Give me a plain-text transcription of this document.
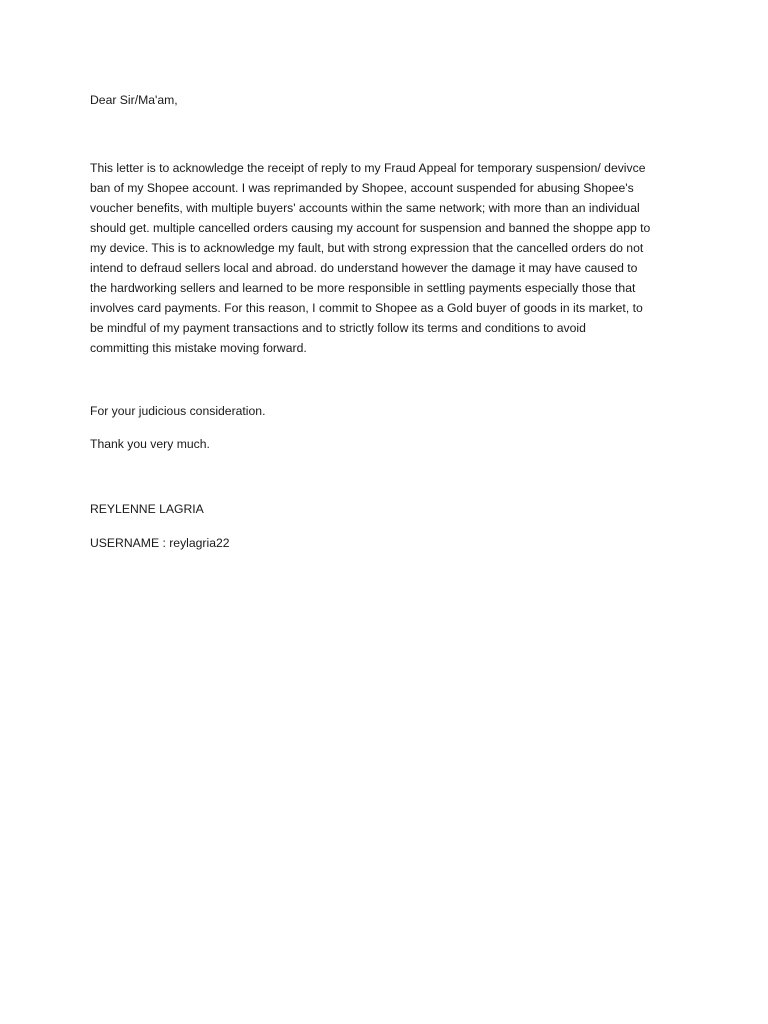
Dear Sir/Ma'am,

This letter is to acknowledge the receipt of reply to my Fraud Appeal for temporary suspension/ devivce
ban of my Shopee account. I was reprimanded by Shopee, account suspended for abusing Shopee's
voucher benefits, with multiple buyers' accounts within the same network; with more than an individual
should get. multiple cancelled orders causing my account for suspension and banned the shoppe app to
my device. This is to acknowledge my fault, but with strong expression that the cancelled orders do not
intend to defraud sellers local and abroad. do understand however the damage it may have caused to
the hardworking sellers and learned to be more responsible in settling payments especially those that
involves card payments. For this reason, I commit to Shopee as a Gold buyer of goods in its market, to
be mindful of my payment transactions and to strictly follow its terms and conditions to avoid
committing this mistake moving forward.

For your judicious consideration.

Thank you very much.

REYLENNE LAGRIA

USERNAME : reylagria22
